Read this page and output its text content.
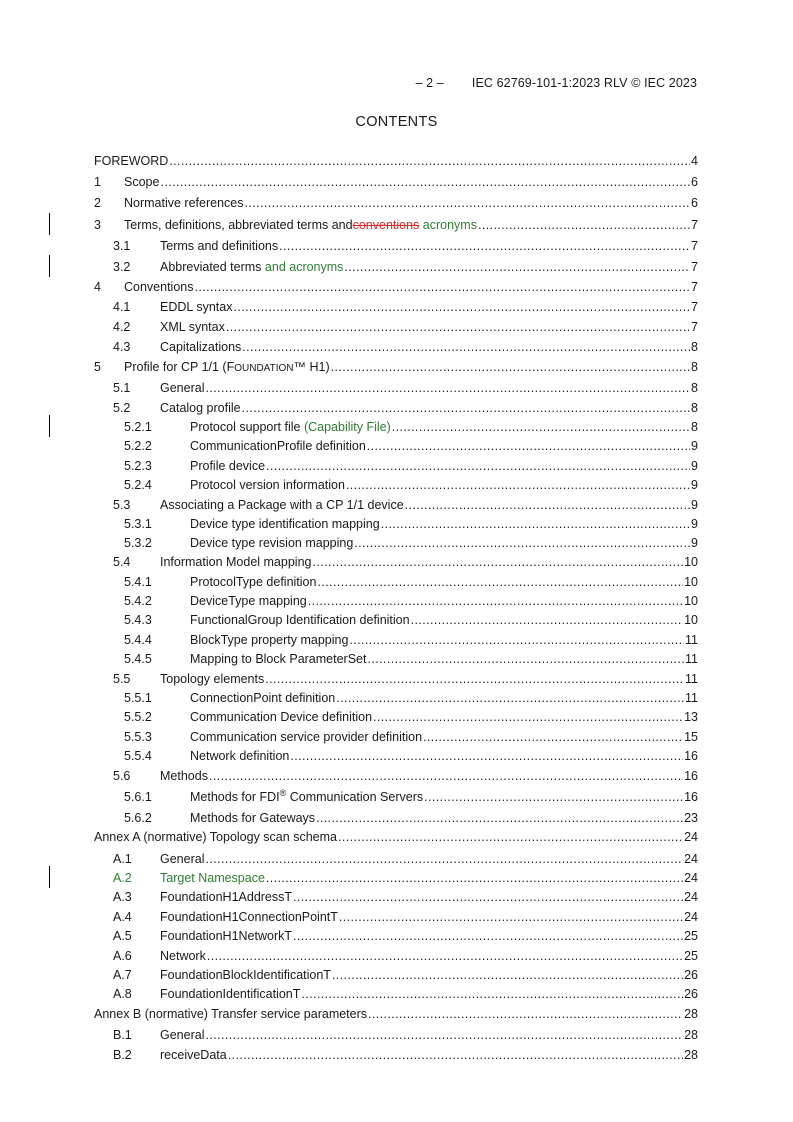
– 2 – IEC 62769-101-1:2023 RLV © IEC 2023
CONTENTS
FOREWORD .....	4
1	Scope .....	6
2	Normative references .....	6
3	Terms, definitions, abbreviated terms andconventions acronyms .....	7
3.1	Terms and definitions .....	7
3.2	Abbreviated terms and acronyms .....	7
4	Conventions .....	7
4.1	EDDL syntax .....	7
4.2	XML syntax .....	7
4.3	Capitalizations .....	8
5	Profile for CP 1/1 (FOUNDATION™ H1) .....	8
5.1	General .....	8
5.2	Catalog profile .....	8
5.2.1	Protocol support file (Capability File) .....	8
5.2.2	CommunicationProfile definition .....	9
5.2.3	Profile device .....	9
5.2.4	Protocol version information .....	9
5.3	Associating a Package with a CP 1/1 device .....	9
5.3.1	Device type identification mapping .....	9
5.3.2	Device type revision mapping .....	9
5.4	Information Model mapping .....	10
5.4.1	ProtocolType definition .....	10
5.4.2	DeviceType mapping .....	10
5.4.3	FunctionalGroup Identification definition .....	10
5.4.4	BlockType property mapping .....	11
5.4.5	Mapping to Block ParameterSet .....	11
5.5	Topology elements .....	11
5.5.1	ConnectionPoint definition .....	11
5.5.2	Communication Device definition .....	13
5.5.3	Communication service provider definition .....	15
5.5.4	Network definition .....	16
5.6	Methods .....	16
5.6.1	Methods for FDI® Communication Servers .....	16
5.6.2	Methods for Gateways .....	23
Annex A (normative) Topology scan schema .....	24
A.1	General .....	24
A.2	Target Namespace .....	24
A.3	FoundationH1AddressT .....	24
A.4	FoundationH1ConnectionPointT .....	24
A.5	FoundationH1NetworkT .....	25
A.6	Network .....	25
A.7	FoundationBlockIdentificationT .....	26
A.8	FoundationIdentificationT .....	26
Annex B (normative) Transfer service parameters .....	28
B.1	General .....	28
B.2	receiveData .....	28
